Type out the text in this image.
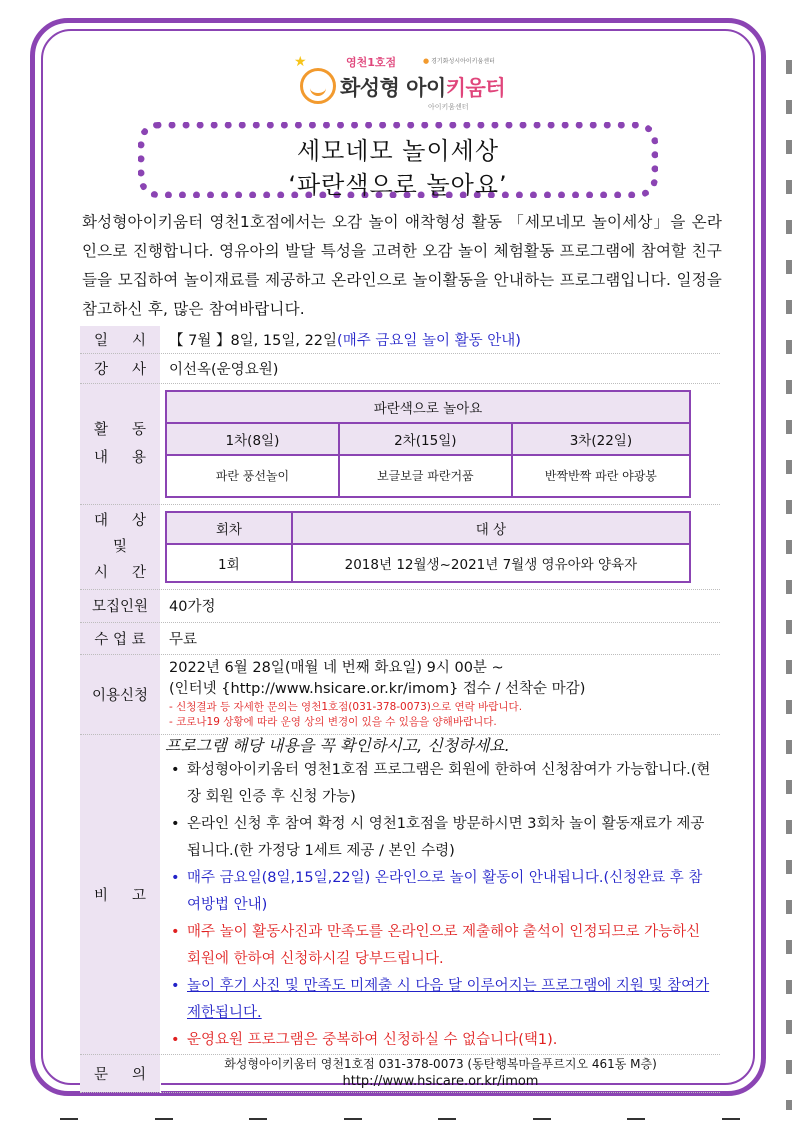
★	영천1호점
●	경기화성시아이키움센터
화성형 아이키움터
아이키움센터
세모네모 놀이세상
‘파란색으로 놀아요’
화성형아이키움터 영천1호점에서는 오감 놀이 애착형성 활동 「세모네모 놀이세상」을 온라인으로 진행합니다. 영유아의 발달 특성을 고려한 오감 놀이 체험활동 프로그램에 참여할 친구들을 모집하여 놀이재료를 제공하고 온라인으로 놀이활동을 안내하는 프로그램입니다. 일정을 참고하신 후, 많은 참여바랍니다.
일 시	【 7월 】8일, 15일, 22일(매주 금요일 놀이 활동 안내)

강 사	이선옥(운영요원)

활 동
내 용

파란색으로 놀아요
1차(8일)	2차(15일)	3차(22일)
파란 풍선놀이	보글보글 파란거품	반짝반짝 파란 야광봉

대 상
및
시 간

회차	대 상
1회	2018년 12월생~2021년 7월생 영유아와 양육자

모집인원	40가정
수 업 료	무료
이용신청	
2022년 6월 28일(매월 네 번째 화요일) 9시 00분 ~
(인터넷 {http://www.hsicare.or.kr/imom} 접수 / 선착순 마감)
- 신청결과 등 자세한 문의는 영천1호점(031-378-0073)으로 연락 바랍니다.
- 코로나19 상황에 따라 운영 상의 변경이 있을 수 있음을 양해바랍니다.

비 고

프로그램 해당 내용을 꼭 확인하시고, 신청하세요.
• 화성형아이키움터 영천1호점 프로그램은 회원에 한하여 신청참여가 가능합니다.(현장 회원 인증 후 신청 가능)
• 온라인 신청 후 참여 확정 시 영천1호점을 방문하시면 3회차 놀이 활동재료가 제공됩니다.(한 가정당 1세트 제공 / 본인 수령)
• 매주 금요일(8일,15일,22일) 온라인으로 놀이 활동이 안내됩니다.(신청완료 후 참여방법 안내)
• 매주 놀이 활동사진과 만족도를 온라인으로 제출해야 출석이 인정되므로 가능하신 회원에 한하여 신청하시길 당부드립니다.
• 놀이 후기 사진 및 만족도 미제출 시 다음 달 이루어지는 프로그램에 지원 및 참여가 제한됩니다.
• 운영요원 프로그램은 중복하여 신청하실 수 없습니다(택1).

문 의

화성형아이키움터 영천1호점 031-378-0073 (동탄행복마을푸르지오 461동 M층)
http://www.hsicare.or.kr/imom
